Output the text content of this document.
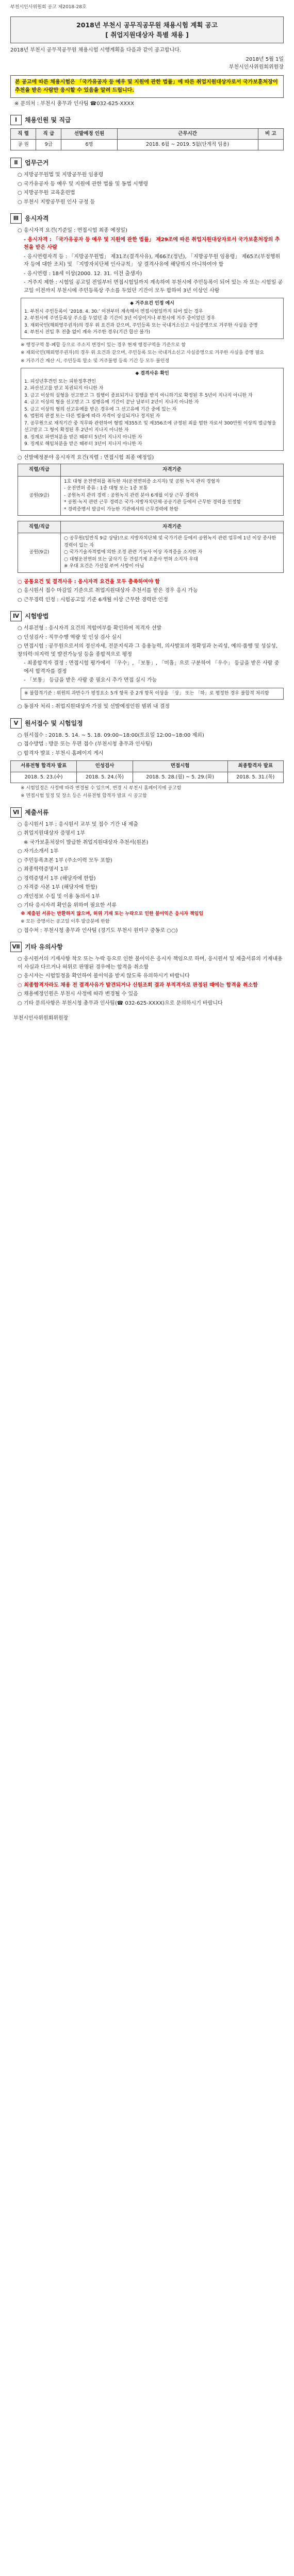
부천시인사위원회 공고 제2018-28호
2018년 부천시 공무직공무원 채용시험 계획 공고
[ 취업지원대상자 특별 채용 ]
2018년 부천시 공무직공무원 채용시험 시행계획을 다음과 같이 공고합니다.
2018년 5월 1일
부천시인사위원회위원장
본 공고에 따른 채용시험은 「국가유공자 등 예우 및 지원에 관한 법률」에 따른 취업지원대상자로서 국가보훈처장이 추천을 받은 사람만 응시할 수 있음을 알려 드립니다.
※ 문의처 : 부천시 총무과 인사팀 ☎032-625-XXXX
Ⅰ	채용인원 및 직급
직 렬	직 급	선발예정 인원	근무시간	비 고
공 원	9급	6명	2018. 6월 ~ 2019. 5월(단계적 임용)	
Ⅱ	업무근거
○ 지방공무원법 및 지방공무원 임용령
○ 국가유공자 등 예우 및 지원에 관한 법률 및 동법 시행령
○ 지방공무원 교육훈련법
○ 부천시 지방공무원 인사 규정 등
Ⅲ 응시자격
○ 응시자격 요건(기준일 : 면접시험 최종 예정일)
- 응시자격 : 「국가유공자 등 예우 및 지원에 관한 법률」 제29조에 따른 취업지원대상자로서 국가보훈처장의 추천을 받은 사람
- 응시연령자격 등 : 「지방공무원법」 제31조(결격사유), 제66조(정년), 「지방공무원 임용령」 제65조(부정행위자 등에 대한 조치) 및 「지방자치단체 인사규칙」 상 결격사유에 해당하지 아니하여야 함
- 응시연령 : 18세 이상(2000. 12. 31. 이전 출생자)
- 거주지 제한 : 시험일 공고일 전일부터 면접시험일까지 계속하여 부천시에 주민등록이 되어 있는 자 또는 시험일 공고일 이전까지 부천시에 주민등록상 주소를 두었던 기간이 모두 합하여 3년 이상인 사람
◆ 거주요건 인정 예시
1. 부천시 주민등록이 ‘2018. 4. 30.’ 이전부터 계속해서 면접시험일까지 되어 있는 경우
2. 부천시에 주민등록상 주소를 두었던 총 기간이 3년 이상이거나 부천시에 거주 중이었던 경우
3. 재외국민(해외영주권자)의 경우 위 요건과 같으며, 주민등록 또는 국내거소신고 사실증명으로 거주한 사실을 증명
4. 부천시 전입 후 전출 없이 계속 거주한 경우(기간 합산 불가)
※ 행정구역 통·폐합 등으로 주소지 변경이 있는 경우 현재 행정구역을 기준으로 함
※ 재외국민(해외영주권자)의 경우 위 요건과 같으며, 주민등록 또는 국내거소신고 사실증명으로 거주한 사실을 증명 필요
※ 거주기간 계산 시, 주민등록 말소 및 거주불명 등록 기간 등 모두 불인정
◆ 결격사유 확인
1. 피성년후견인 또는 피한정후견인
2. 파산선고를 받고 복권되지 아니한 자
3. 금고 이상의 실형을 선고받고 그 집행이 종료되거나 집행을 받지 아니하기로 확정된 후 5년이 지나지 아니한 자
4. 금고 이상의 형을 선고받고 그 집행유예 기간이 끝난 날부터 2년이 지나지 아니한 자
5. 금고 이상의 형의 선고유예를 받은 경우에 그 선고유예 기간 중에 있는 자
6. 법원의 판결 또는 다른 법률에 따라 자격이 상실되거나 정지된 자
7. 공무원으로 재직기간 중 직무와 관련하여 형법 제355조 및 제356조에 규정된 죄를 범한 자로서 300만원 이상의 벌금형을 선고받고 그 형이 확정된 후 2년이 지나지 아니한 자
8. 징계로 파면처분을 받은 때부터 5년이 지나지 아니한 자
9. 징계로 해임처분을 받은 때부터 3년이 지나지 아니한 자
○ 선발예정분야 응시자격 요건(직렬 : 면접시험 최종 예정일)
직렬/직급	자격기준
공원(9급)	1호 대형 운전면허를 취득한 자(운전면허증 소지자) 및 공원 녹지 관리 경험자
- 운전면허 종류 : 1종 대형 또는 1종 보통
- 공원녹지 관리 경력 : 공원녹지 관련 분야 6개월 이상 근무 경력자
* 공원·녹지 관련 근무 경력은 국가·지방자치단체·공공기관 등에서 근무한 경력을 인정함
* 경력증명서 발급이 가능한 기관에서의 근무경력에 한함
직렬/직급	자격기준
공원(9급)	○ 공무원(일반직 9급 상당)으로 지방자치단체 및 국가기관 등에서 공원녹지 관련 업무에 1년 이상 종사한 경력이 있는 자
○ 국가기술자격법에 의한 조경 관련 기능사 이상 자격증을 소지한 자
○ 대형운전면허 또는 굴삭기 등 건설기계 조종사 면허 소지자 우대
※ 우대 요건은 가산점 부여 사항이 아님
○ 공통요건 및 결격사유 : 응시자격 요건을 모두 충족하여야 함
○ 응시원서 접수 마감일 기준으로 취업지원대상자 추천서를 받은 경우 응시 가능
○ 근무경력 인정 : 시험공고일 기준 6개월 이상 근무한 경력만 인정
Ⅳ 시험방법
○ 서류전형 : 응시자격 요건의 적합여부를 확인하여 적격자 선발
○ 인성검사 : 직무수행 역량 및 인성 검사 실시
○ 면접시험 : 공무원으로서의 정신자세, 전문지식과 그 응용능력, 의사발표의 정확성과 논리성, 예의·품행 및 성실성, 창의력·의지력 및 발전가능성 등을 종합적으로 평정
- 최종합격자 결정 : 면접시험 평가에서 「우수」, 「보통」, 「미흡」으로 구분하여 「우수」 등급을 받은 사람 중에서 합격자를 결정
- 「보통」 등급을 받은 사람 중 필요시 추가 면접 실시 가능
※ 불합격기준 : 위원의 과반수가 평정요소 5개 항목 중 2개 항목 이상을 「상」 또는 「하」로 평정한 경우 불합격 처리함
○ 동점자 처리 : 취업지원대상자 가점 및 선발예정인원 범위 내 결정
Ⅴ	원서접수 및 시험일정
○ 원서접수 : 2018. 5. 14. ~ 5. 18. 09:00~18:00(토요일 12:00~18:00 제외)
○ 접수방법 : 방문 또는 우편 접수 (부천시청 총무과 인사팀)
○ 합격자 발표 : 부천시 홈페이지 게시
서류전형 합격자 발표	인성검사	면접시험	최종합격자 발표
2018. 5. 23.(수)	2018. 5. 24.(목)	2018. 5. 28.(월) ~ 5. 29.(화)	2018. 5. 31.(목)
※ 시험일정은 사정에 따라 변경될 수 있으며, 변경 시 부천시 홈페이지에 공고함
※ 면접시험 일정 및 장소 등은 서류전형 합격자 발표 시 공고함
Ⅵ 제출서류
○ 응시원서 1부 : 응시원서 교부 및 접수 기간 내 제출
○ 취업지원대상자 증명서 1부
※ 국가보훈처장이 발급한 취업지원대상자 추천서(원본)
○ 자기소개서 1부
○ 주민등록초본 1부 (주소이력 모두 포함)
○ 최종학력증명서 1부
○ 경력증명서 1부 (해당자에 한함)
○ 자격증 사본 1부 (해당자에 한함)
○ 개인정보 수집 및 이용 동의서 1부
○ 기타 응시자격 확인을 위하여 필요한 서류
※ 제출된 서류는 반환하지 않으며, 허위 기재 또는 누락으로 인한 불이익은 응시자 책임임
※ 모든 증명서는 공고일 이후 발급분에 한함
○ 접수처 : 부천시청 총무과 인사팀 (경기도 부천시 원미구 중동로 ○○)
Ⅶ 기타 유의사항
○ 응시원서의 기재사항 착오 또는 누락 등으로 인한 불이익은 응시자 책임으로 하며, 응시원서 및 제출서류의 기재내용이 사실과 다르거나 허위로 판명된 경우에는 합격을 취소함
○ 응시자는 시험일정을 확인하여 불이익을 받지 않도록 유의하시기 바랍니다
○ 최종합격자라도 채용 전 결격사유가 발견되거나 신원조회 결과 부적격자로 판정된 때에는 합격을 취소함
○ 채용예정인원은 부천시 사정에 따라 변경될 수 있음
○ 기타 문의사항은 부천시청 총무과 인사팀(☎ 032-625-XXXX)으로 문의하시기 바랍니다
부천시인사위원회위원장
